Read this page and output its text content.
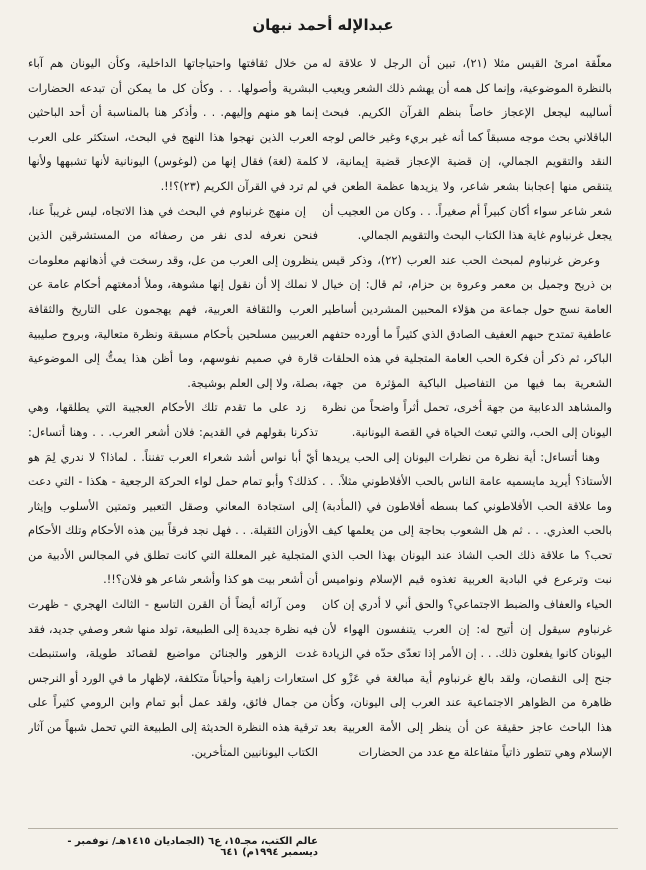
عبدالإله أحمد نبهان

معلّقة امرئ القيس مثلا (٢١)، تبين أن الرجل لا علاقة له بالنظرة الموضوعية، وإنما كل همه أن يهشم ذلك الشعر ويعيب أساليبه ليجعل الإعجاز خاصاً بنظم القرآن الكريم. فبحث الباقلاني بحث موجه مسبقاً كما أنه غير بريء وغير خالص لوجه النقد والتقويم الجمالي، إن قضية الإعجاز قضية إيمانية، لا يتنقص منها إعجابنا بشعر شاعر، ولا يزيدها عظمة الطعن في شعر شاعر سواء أكان كبيراً أم صغيراً. . . وكان من العجيب أن يجعل غرنباوم غاية هذا الكتاب البحث والتقويم الجمالي.

وعرض غرنباوم لمبحث الحب عند العرب (٢٢)، وذكر قيس بن ذريح وجميل بن معمر وعروة بن حزام، ثم قال: إن خيال العامة نسج حول جماعة من هؤلاء المحبين المشردين أساطير عاطفية تمتدح حبهم العفيف الصادق الذي كثيراً ما أورده حتفهم الباكر، ثم ذكر أن فكرة الحب العامة المتجلية في هذه الحلقات الشعرية بما فيها من التفاصيل الباكية المؤثرة من جهة، والمشاهد الدعابية من جهة أخرى، تحمل أثراً واضحاً من نظرة اليونان إلى الحب، والتي تبعث الحياة في القصة اليونانية.

وهنا أتساءل: أية نظرة من نظرات اليونان إلى الحب يريدها الأستاذ؟ أيريد مايسميه عامة الناس بالحب الأفلاطوني مثلاً. . . وما علاقة الحب الأفلاطوني كما بسطه أفلاطون في (المأدبة) بالحب العذري. . . ثم هل الشعوب بحاجة إلى من يعلمها كيف تحب؟ ما علاقة ذلك الحب الشاذ عند اليونان بهذا الحب الذي نبت وترعرع في البادية العربية تغذوه قيم الإسلام ونواميس الحياء والعفاف والضبط الاجتماعي؟ والحق أني لا أدري إن كان غرنباوم سيقول إن أتيح له: إن العرب يتنفسون الهواء لأن اليونان كانوا يفعلون ذلك. . . إن الأمر إذا تعدّى حدّه في الزيادة جنح إلى النقصان، ولقد بالغ غرنباوم أية مبالغة في عَزْو كل ظاهرة من الظواهر الاجتماعية عند العرب إلى اليونان، وكأن هذا الباحث عاجز حقيقة عن أن ينظر إلى الأمة العربية بعد الإسلام وهي تتطور ذاتياً متفاعلة مع عدد من الحضارات

من خلال ثقافتها واحتياجاتها الداخلية، وكأن اليونان هم آباء البشرية وأصولها. . . وكأن كل ما يمكن أن تبدعه الحضارات إنما هو منهم وإليهم. . . وأذكر هنا بالمناسبة أن أحد الباحثين العرب الذين نهجوا هذا النهج في البحث، استكثر على العرب كلمة (لغة) فقال إنها من (لوغوس) اليونانية لأنها تشبهها ولأنها لم ترد في القرآن الكريم (٢٣)؟!!.

إن منهج غرنباوم في البحث في هذا الاتجاه، ليس غريباً عنا، فنحن نعرفه لدى نفر من رصفائه من المستشرقين الذين ينظرون إلى العرب من عل، وقد رسخت في أذهانهم معلومات لا نملك إلا أن نقول إنها مشوهة، وملأ أدمغتهم أحكام عامة عن العرب والثقافة العربية، فهم يهجمون على التاريخ والثقافة العربيين مسلحين بأحكام مسبقة ونظرة متعالية، وبروح صليبية قارة في صميم نفوسهم، وما أظن هذا يمتُّ إلى الموضوعية بصلة، ولا إلى العلم بوشيجة.

زد على ما تقدم تلك الأحكام العجيبة التي يطلقها، وهي تذكرنا بقولهم في القديم: فلان أشعر العرب. . . وهنا أتساءل: أيّ أبا نواس أشد شعراء العرب تفنناً. . لماذا؟ لا ندري لِمَ هو كذلك؟ وأبو تمام حمل لواء الحركة الرجعية - هكذا - التي دعت إلى استجادة المعاني وصقل التعبير وتمتين الأسلوب وإيثار الأوزان الثقيلة. . . فهل نجد فرقاً بين هذه الأحكام وتلك الأحكام المتجلية غير المعللة التي كانت تطلق في المجالس الأدبية من أن أشعر بيت هو كذا وأشعر شاعر هو فلان؟!!.

ومن آرائه أيضاً أن القرن التاسع - الثالث الهجري - ظهرت فيه نظرة جديدة إلى الطبيعة، تولد منها شعر وصفي جديد، فقد غدت الزهور والجنائن مواضيع لقصائد طويلة، واستنبطت استعارات زاهية وأحياناً متكلفة، لإظهار ما في الورد أو النرجس من جمال فائق، ولقد عمل أبو تمام وابن الرومي كثيراً على ترقية هذه النظرة الحديثة إلى الطبيعة التي تحمل شبهاً من آثار الكتاب اليونانيين المتأخرين.

عالم الكتب، مجـ١٥، ع٦ (الجماديان ١٤١٥هـ/ نوفمبر - ديسمبر ١٩٩٤م) ٦٤١
